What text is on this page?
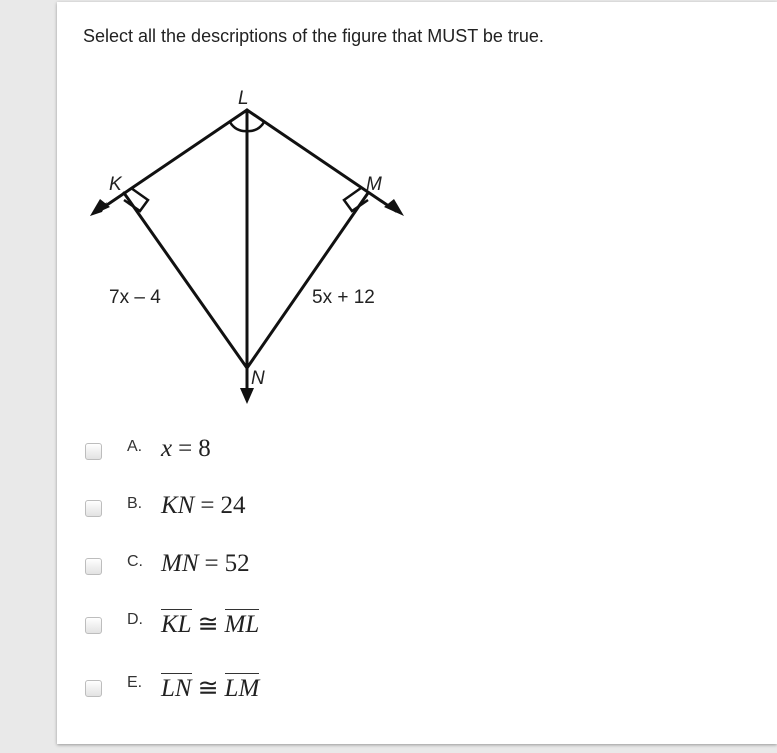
Select all the descriptions of the figure that MUST be true.
L
K	M
N
7x – 4	5x + 12
A. x = 8
B. KN = 24
C. MN = 52
D. KL ≅ ML
E. LN ≅ LM
